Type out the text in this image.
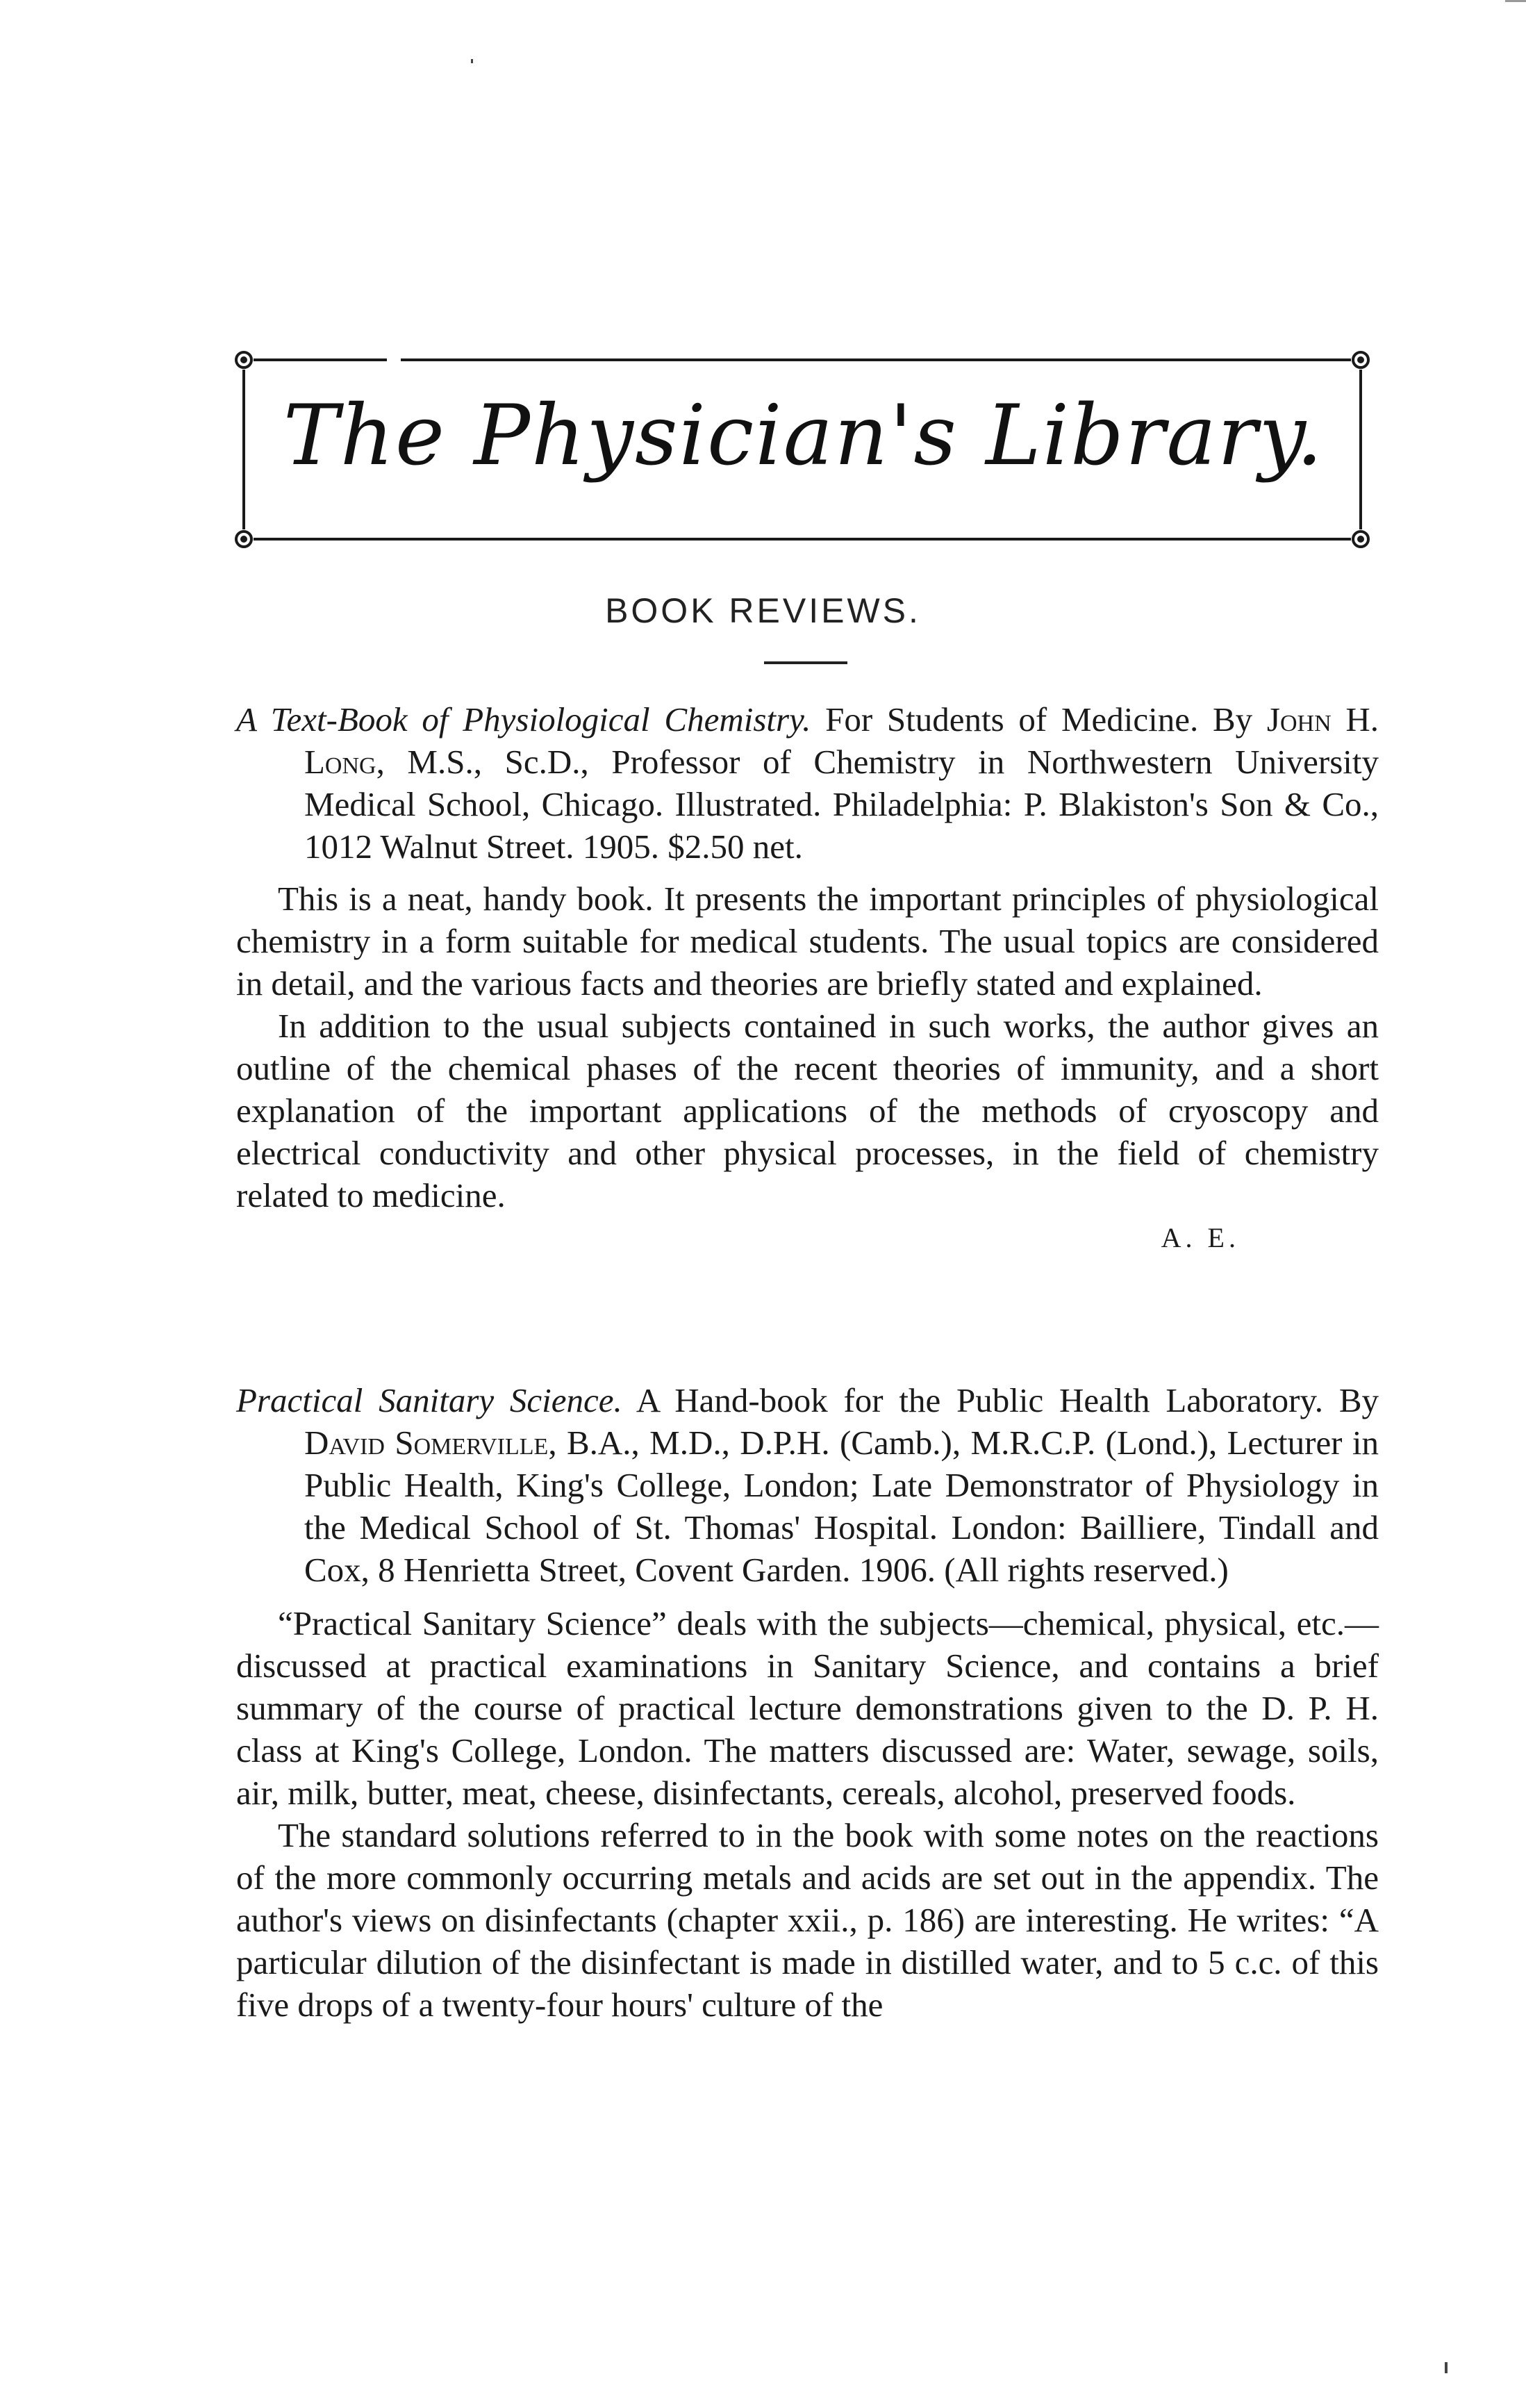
The Physician's Library.
BOOK REVIEWS.

A Text-Book of Physiological Chemistry. For Students of Medicine. By John H. Long, M.S., Sc.D., Professor of Chemistry in Northwestern University Medical School, Chicago. Illustrated. Philadelphia: P. Blakiston's Son & Co., 1012 Walnut Street. 1905. $2.50 net.

This is a neat, handy book. It presents the important principles of physiological chemistry in a form suitable for medical students. The usual topics are considered in detail, and the various facts and theories are briefly stated and explained.

In addition to the usual subjects contained in such works, the author gives an outline of the chemical phases of the recent theories of immunity, and a short explanation of the important applications of the methods of cryoscopy and electrical conductivity and other physical processes, in the field of chemistry related to medicine.

A. E.

Practical Sanitary Science. A Hand-book for the Public Health Laboratory. By David Somerville, B.A., M.D., D.P.H. (Camb.), M.R.C.P. (Lond.), Lecturer in Public Health, King's College, London; Late Demonstrator of Physiology in the Medical School of St. Thomas' Hospital. London: Bailliere, Tindall and Cox, 8 Henrietta Street, Covent Garden. 1906. (All rights reserved.)

“Practical Sanitary Science” deals with the subjects—chemical, physical, etc.—discussed at practical examinations in Sanitary Science, and contains a brief summary of the course of practical lecture demonstrations given to the D. P. H. class at King's College, London. The matters discussed are: Water, sewage, soils, air, milk, butter, meat, cheese, disinfectants, cereals, alcohol, preserved foods.

The standard solutions referred to in the book with some notes on the reactions of the more commonly occurring metals and acids are set out in the appendix. The author's views on disinfectants (chapter xxii., p. 186) are interesting. He writes: “A particular dilution of the disinfectant is made in distilled water, and to 5 c.c. of this five drops of a twenty-four hours' culture of the
